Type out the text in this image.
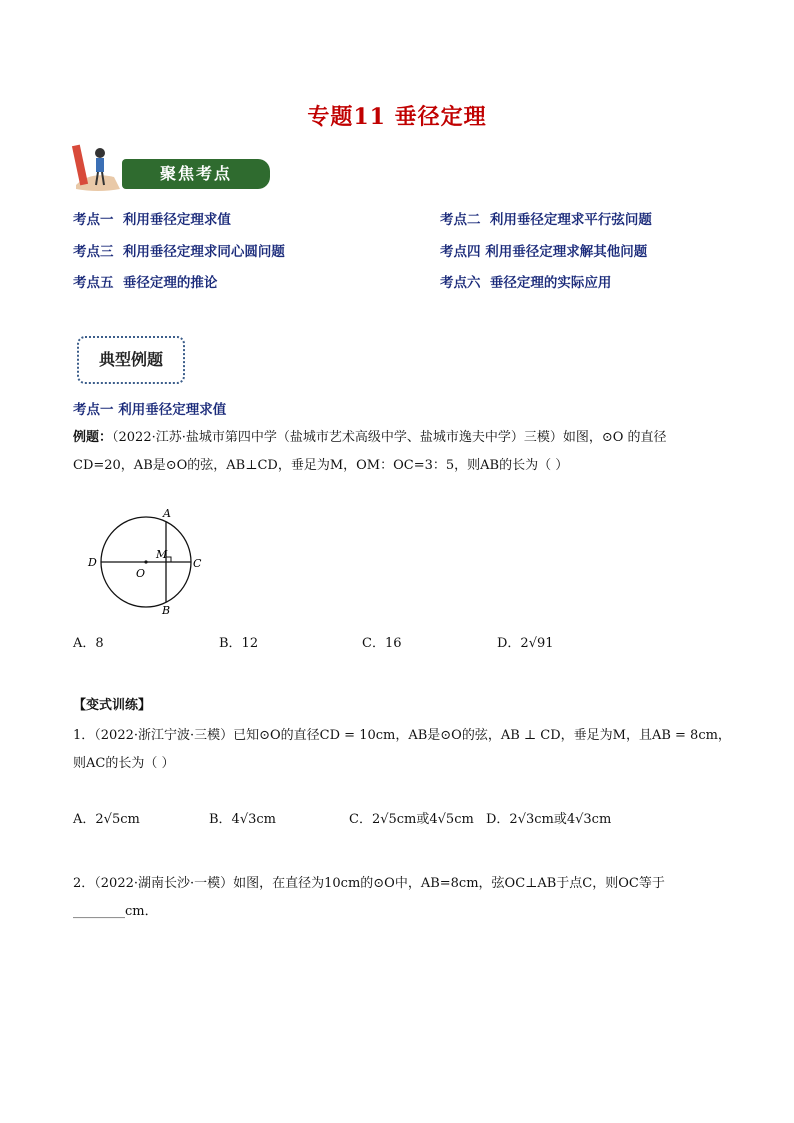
专题11 垂径定理
聚焦考点
考点一 利用垂径定理求值	考点二 利用垂径定理求平行弦问题
考点三 利用垂径定理求同心圆问题	考点四 利用垂径定理求解其他问题
考点五 垂径定理的推论	考点六 垂径定理的实际应用
典型例题
考点一 利用垂径定理求值
例题：（2022·江苏·盐城市第四中学（盐城市艺术高级中学、盐城市逸夫中学）三模）如图，⊙O 的直径
CD=20，AB是⊙O的弦，AB⊥CD，垂足为M，OM：OC=3：5，则AB的长为（ ）
A
B
C
D
O
M
A．8	B．12	C．16	D．2√91
【变式训练】
1．（2022·浙江宁波·三模）已知⊙O的直径CD = 10cm，AB是⊙O的弦，AB ⊥ CD，垂足为M，且AB = 8cm，
则AC的长为（ ）
A．2√5cm	B．4√3cm	C．2√5cm或4√5cm D．2√3cm或4√3cm
2．（2022·湖南长沙·一模）如图，在直径为10cm的⊙O中，AB=8cm，弦OC⊥AB于点C，则OC等于
________cm．
